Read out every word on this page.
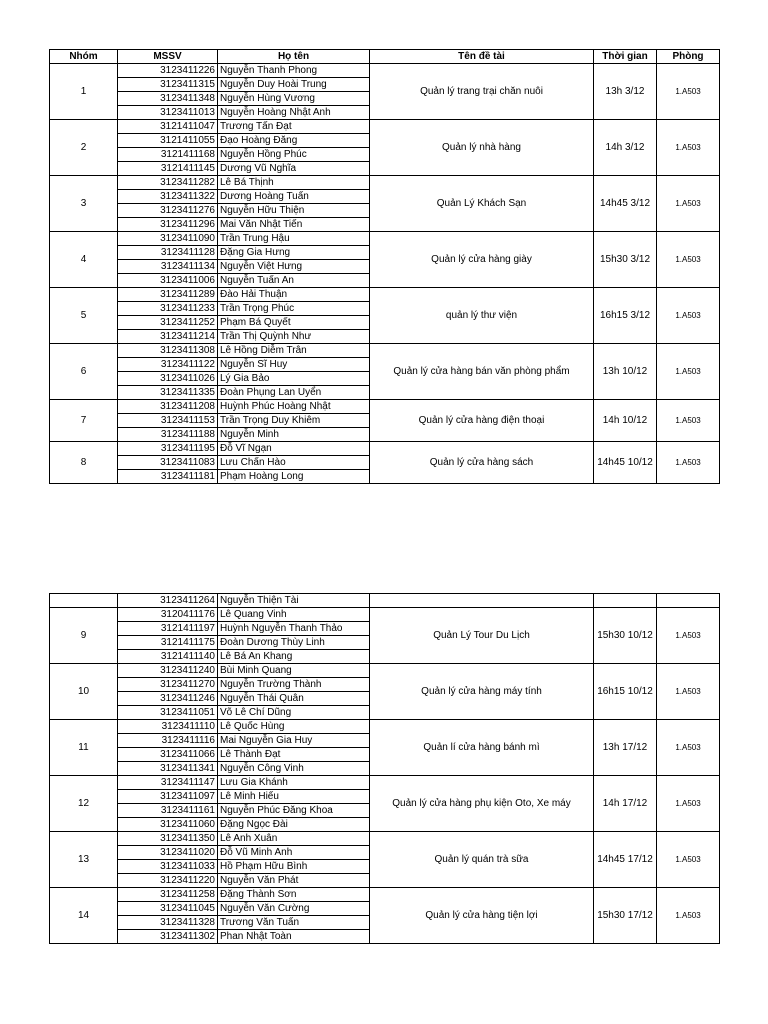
Nhóm	MSSV	Họ tên	Tên đề tài	Thời gian	Phòng
1	3123411226	Nguyễn Thanh Phong	Quản lý trang trại chăn nuôi	13h 3/12	1.A503
	3123411315	Nguyễn Duy Hoài Trung			
	3123411348	Nguyễn Hùng Vương			
	3123411013	Nguyễn Hoàng Nhật Anh			
2	3121411047	Trương Tấn Đạt	Quản lý nhà hàng	14h 3/12	1.A503
	3121411055	Đạo Hoàng Đăng			
	3121411168	Nguyễn Hồng Phúc			
	3121411145	Dương Vũ Nghĩa			
3	3123411282	Lê Bá Thịnh	Quản Lý Khách Sạn	14h45 3/12	1.A503
	3123411322	Dương Hoàng Tuấn			
	3123411276	Nguyễn Hữu Thiện			
	3123411296	Mai Văn Nhật Tiến			
4	3123411090	Trần Trung Hậu	Quản lý cửa hàng giày	15h30 3/12	1.A503
	3123411128	Đặng Gia Hưng			
	3123411134	Nguyễn Việt Hưng			
	3123411006	Nguyễn Tuấn An			
5	3123411289	Đào Hải Thuận	quản lý thư viện	16h15 3/12	1.A503
	3123411233	Trần Trọng Phúc			
	3123411252	Phạm Bá Quyết			
	3123411214	Trần Thị Quỳnh Như			
6	3123411308	Lê Hồng Diễm Trân	Quản lý cửa hàng bán văn phòng phẩm	13h 10/12	1.A503
	3123411122	Nguyễn Sĩ Huy			
	3123411026	Lý Gia Bảo			
	3123411335	Đoàn Phụng Lan Uyển			
7	3123411208	Huỳnh Phúc Hoàng Nhật	Quản lý cửa hàng điện thoại	14h 10/12	1.A503
	3123411153	Trần Trọng Duy Khiêm			
	3123411188	Nguyễn Minh			
8	3123411195	Đỗ Vĩ Ngạn	Quản lý cửa hàng sách	14h45 10/12	1.A503
	3123411083	Lưu Chấn Hào			
	3123411181	Phạm Hoàng Long			
	3123411264	Nguyễn Thiện Tài			
9	3120411176	Lê Quang Vinh	Quản Lý Tour Du Lịch	15h30 10/12	1.A503
	3121411197	Huỳnh Nguyễn Thanh Thảo			
	3121411175	Đoàn Dương Thùy Linh			
	3121411140	Lê Bá An Khang			
10	3123411240	Bùi Minh Quang	Quản lý cửa hàng máy tính	16h15 10/12	1.A503
	3123411270	Nguyễn Trường Thành			
	3123411246	Nguyễn Thái Quân			
	3123411051	Võ Lê Chí Dũng			
11	3123411110	Lê Quốc Hùng	Quản lí cửa hàng bánh mì	13h 17/12	1.A503
	3123411116	Mai Nguyễn Gia Huy			
	3123411066	Lê Thành Đạt			
	3123411341	Nguyễn Công Vinh			
12	3123411147	Lưu Gia Khánh	Quản lý cửa hàng phụ kiện Oto, Xe máy	14h 17/12	1.A503
	3123411097	Lê Minh Hiếu			
	3123411161	Nguyễn Phúc Đăng Khoa			
	3123411060	Đặng Ngọc Đài			
13	3123411350	Lê Anh Xuân	Quản lý quán trà sữa	14h45 17/12	1.A503
	3123411020	Đỗ Vũ Minh Anh			
	3123411033	Hồ Phạm Hữu Bình			
	3123411220	Nguyễn Văn Phát			
14	3123411258	Đặng Thành Sơn	Quản lý cửa hàng tiện lợi	15h30 17/12	1.A503
	3123411045	Nguyễn Văn Cường			
	3123411328	Trương Văn Tuấn			
	3123411302	Phan Nhật Toàn			
